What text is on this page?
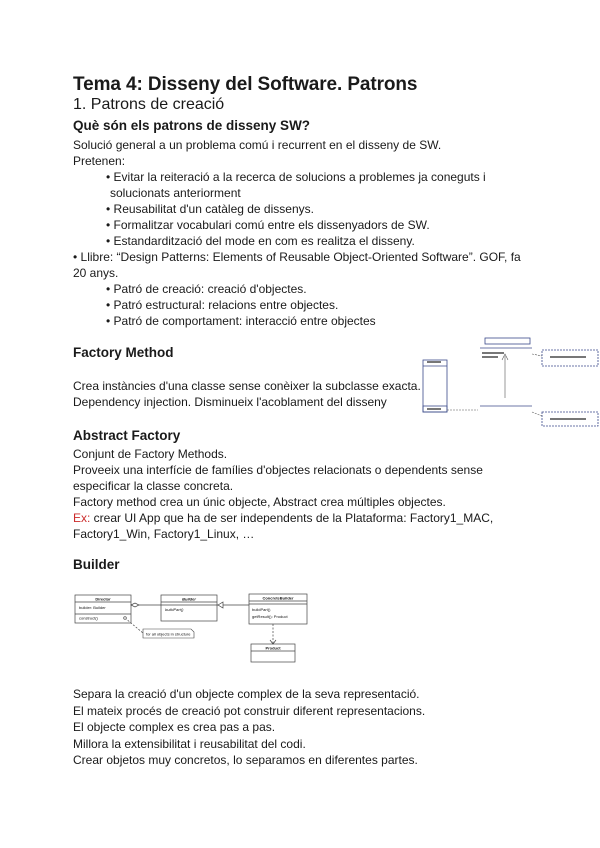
Tema 4: Disseny del Software. Patrons
1. Patrons de creació
Què són els patrons de disseny SW?
Solució general a un problema comú i recurrent en el disseny de SW.
Pretenen:
• Evitar la reiteració a la recerca de solucions a problemes ja coneguts i
solucionats anteriorment
• Reusabilitat d'un catàleg de dissenys.
• Formalitzar vocabulari comú entre els dissenyadors de SW.
• Estandardització del mode en com es realitza el disseny.
• Llibre: “Design Patterns: Elements of Reusable Object-Oriented Software”. GOF, fa
20 anys.
• Patró de creació: creació d'objectes.
• Patró estructural: relacions entre objectes.
• Patró de comportament: interacció entre objectes
Factory Method
Crea instàncies d'una classe sense conèixer la subclasse exacta.
Dependency injection. Disminueix l'acoblament del disseny
Abstract Factory
Conjunt de Factory Methods.
Proveeix una interfície de famílies d'objectes relacionats o dependents sense
especificar la classe concreta.
Factory method crea un únic objecte, Abstract crea múltiples objectes.
Ex: crear UI App que ha de ser independents de la Plataforma: Factory1_MAC,
Factory1_Win, Factory1_Linux, …
Builder
Director
builder: Builder
construct()
Builder
buildPart()
ConcreteBuilder
buildPart()
getResult(): Product
for all objects in structure
Product
Separa la creació d'un objecte complex de la seva representació.
El mateix procés de creació pot construir diferent representacions.
El objecte complex es crea pas a pas.
Millora la extensibilitat i reusabilitat del codi.
Crear objetos muy concretos, lo separamos en diferentes partes.
